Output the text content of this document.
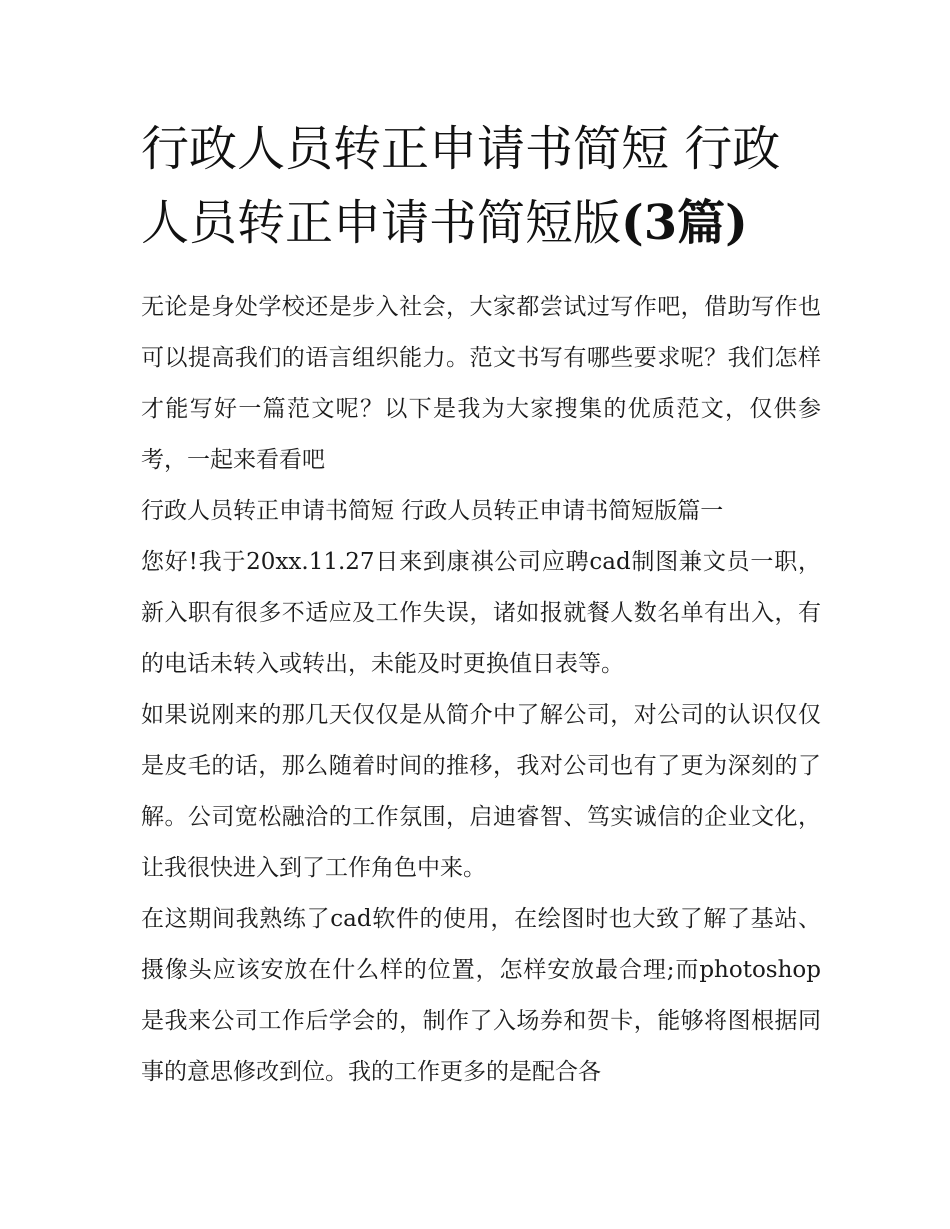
行政人员转正申请书简短 行政人员转正申请书简短版(3篇)

无论是身处学校还是步入社会，大家都尝试过写作吧，借助写作也可以提高我们的语言组织能力。范文书写有哪些要求呢？我们怎样才能写好一篇范文呢？以下是我为大家搜集的优质范文，仅供参考，一起来看看吧

行政人员转正申请书简短 行政人员转正申请书简短版篇一

您好!我于20xx.11.27日来到康祺公司应聘cad制图兼文员一职，新入职有很多不适应及工作失误，诸如报就餐人数名单有出入，有的电话未转入或转出，未能及时更换值日表等。

如果说刚来的那几天仅仅是从简介中了解公司，对公司的认识仅仅是皮毛的话，那么随着时间的推移，我对公司也有了更为深刻的了解。公司宽松融洽的工作氛围，启迪睿智、笃实诚信的企业文化，让我很快进入到了工作角色中来。

在这期间我熟练了cad软件的使用，在绘图时也大致了解了基站、摄像头应该安放在什么样的位置，怎样安放最合理;而photoshop是我来公司工作后学会的，制作了入场券和贺卡，能够将图根据同事的意思修改到位。我的工作更多的是配合各
